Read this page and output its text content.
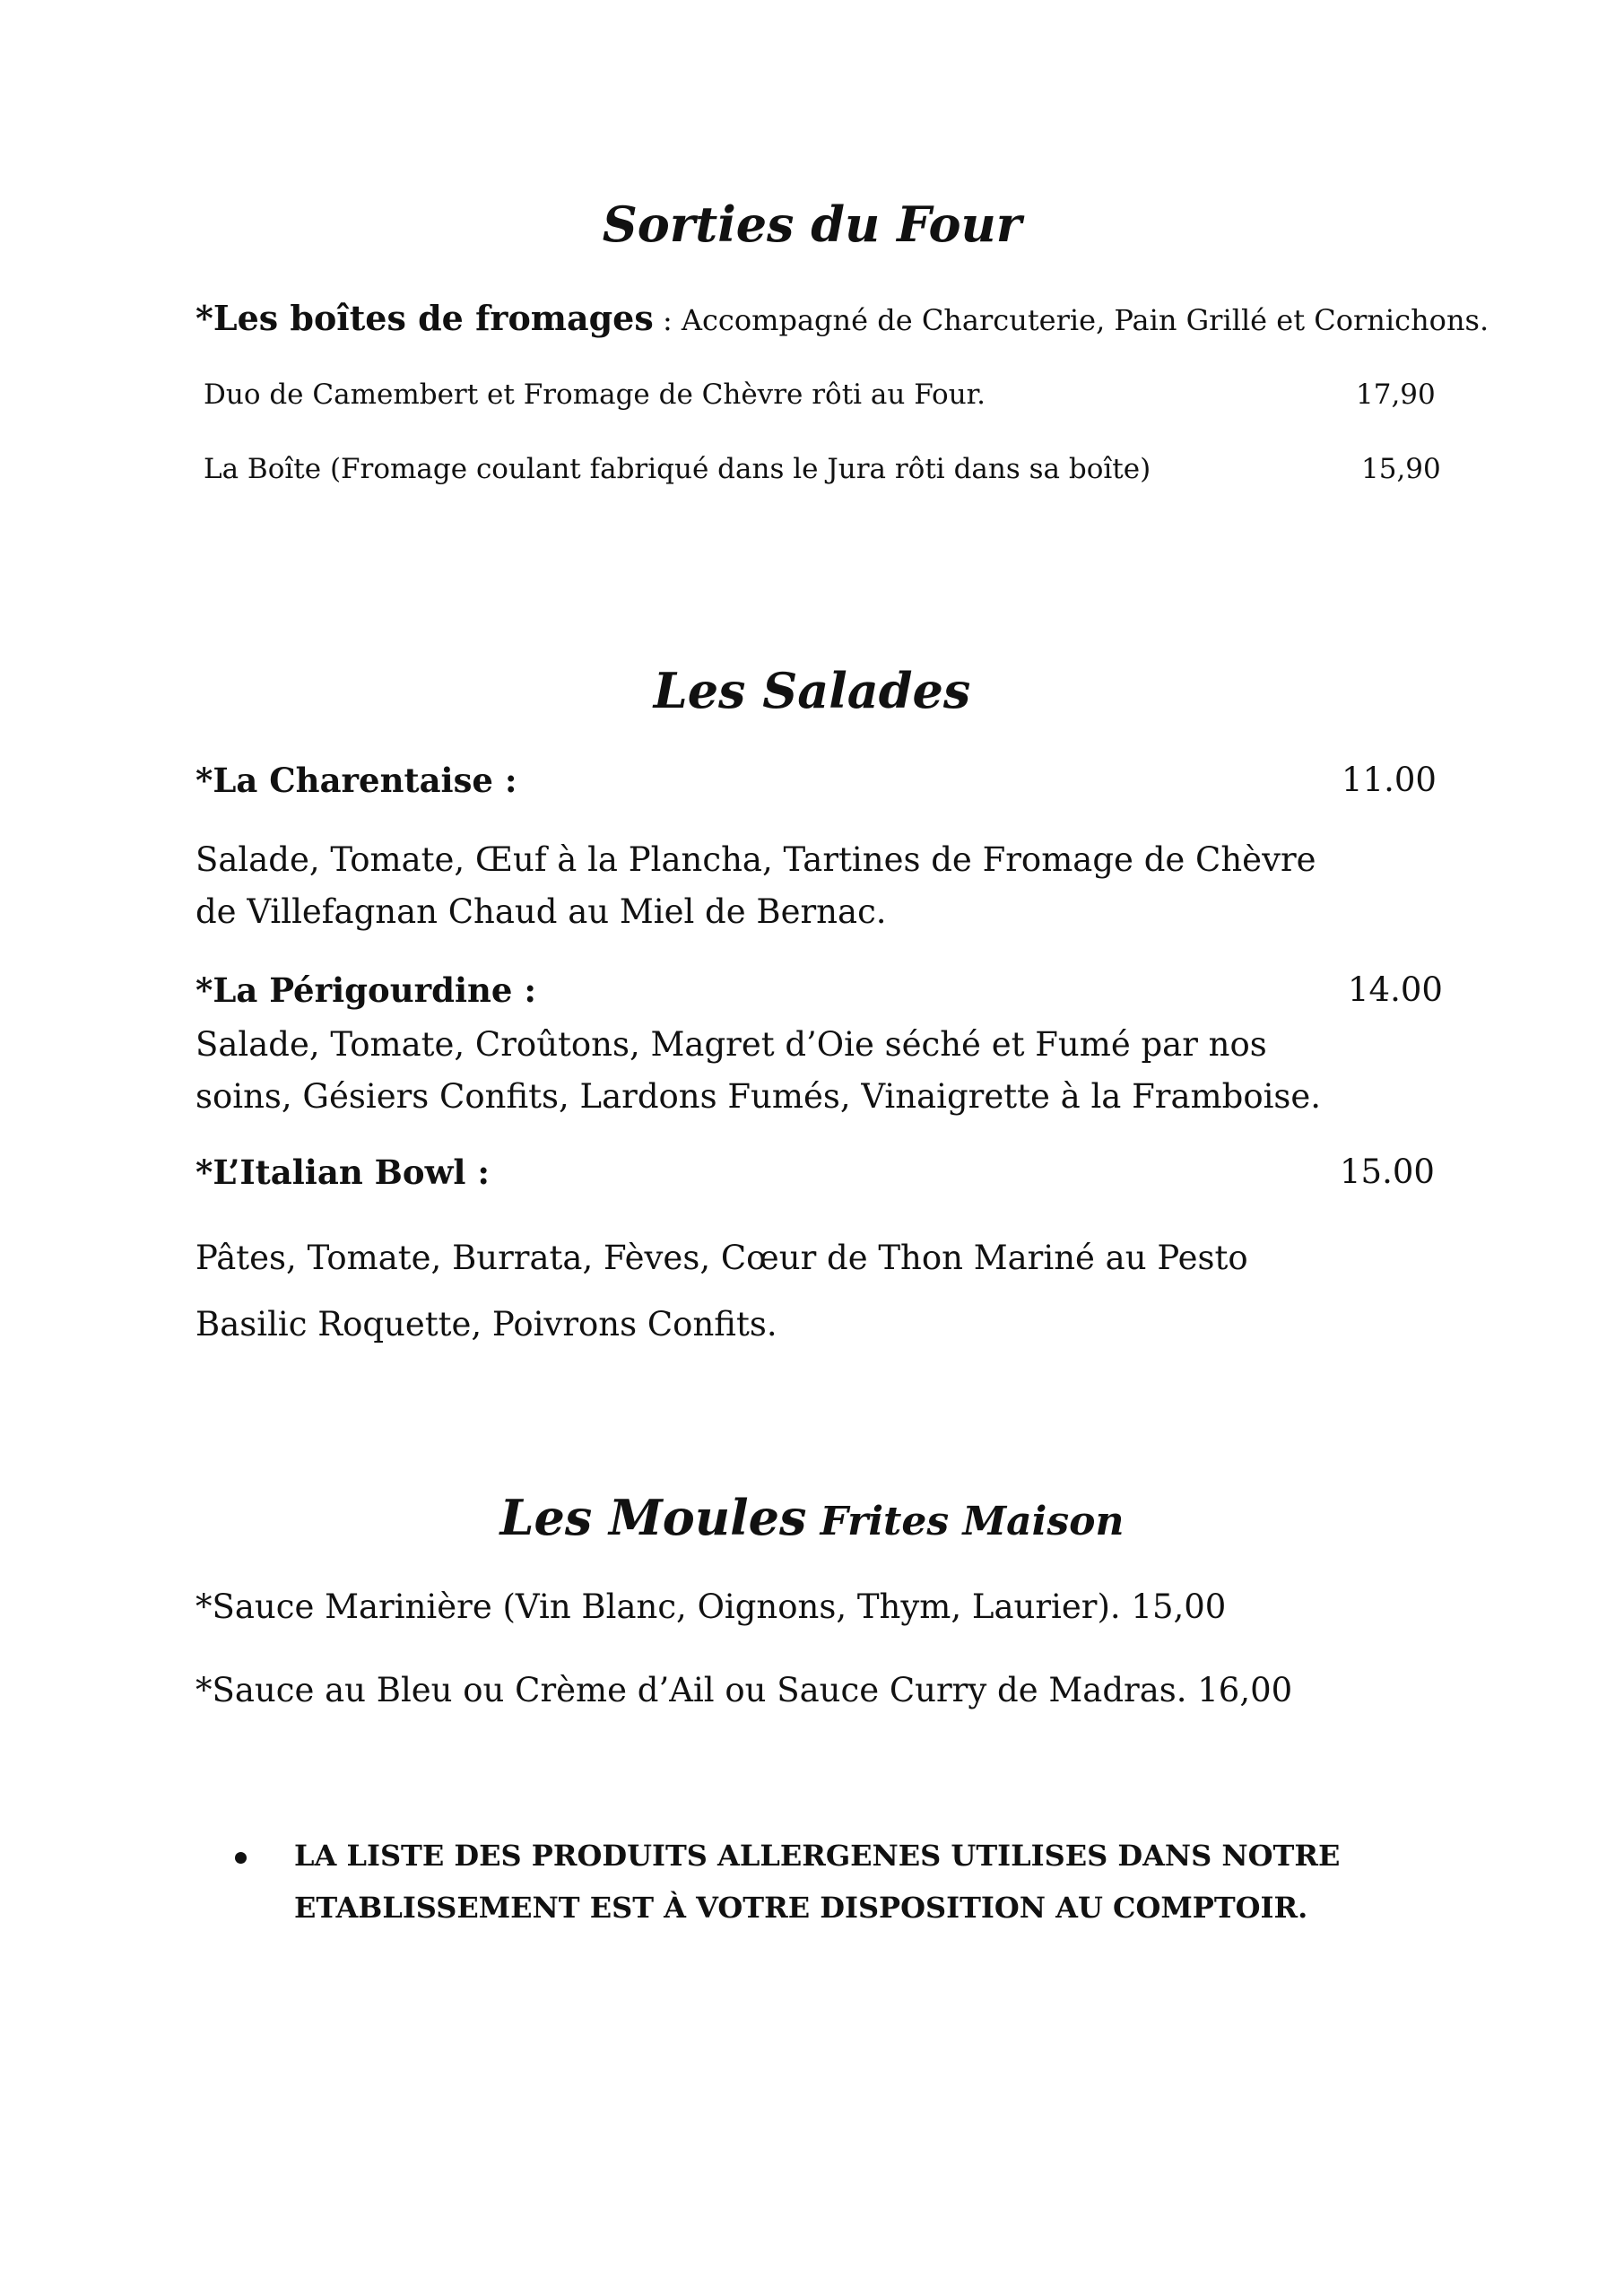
Sorties du Four
*Les boîtes de fromages : Accompagné de Charcuterie, Pain Grillé et Cornichons.
Duo de Camembert et Fromage de Chèvre rôti au Four.	17,90
La Boîte (Fromage coulant fabriqué dans le Jura rôti dans sa boîte)	15,90
Les Salades
*La Charentaise :	11.00
Salade, Tomate, Œuf à la Plancha, Tartines de Fromage de Chèvre de Villefagnan Chaud au Miel de Bernac.
*La Périgourdine :	14.00
Salade, Tomate, Croûtons, Magret d’Oie séché et Fumé par nos soins, Gésiers Confits, Lardons Fumés, Vinaigrette à la Framboise.
*L’Italian Bowl :	15.00
Pâtes, Tomate, Burrata, Fèves, Cœur de Thon Mariné au Pesto Basilic Roquette, Poivrons Confits.
Les Moules Frites Maison
*Sauce Marinière (Vin Blanc, Oignons, Thym, Laurier). 15,00
*Sauce au Bleu ou Crème d’Ail ou Sauce Curry de Madras. 16,00
LA LISTE DES PRODUITS ALLERGENES UTILISES DANS NOTRE ETABLISSEMENT EST À VOTRE DISPOSITION AU COMPTOIR.
